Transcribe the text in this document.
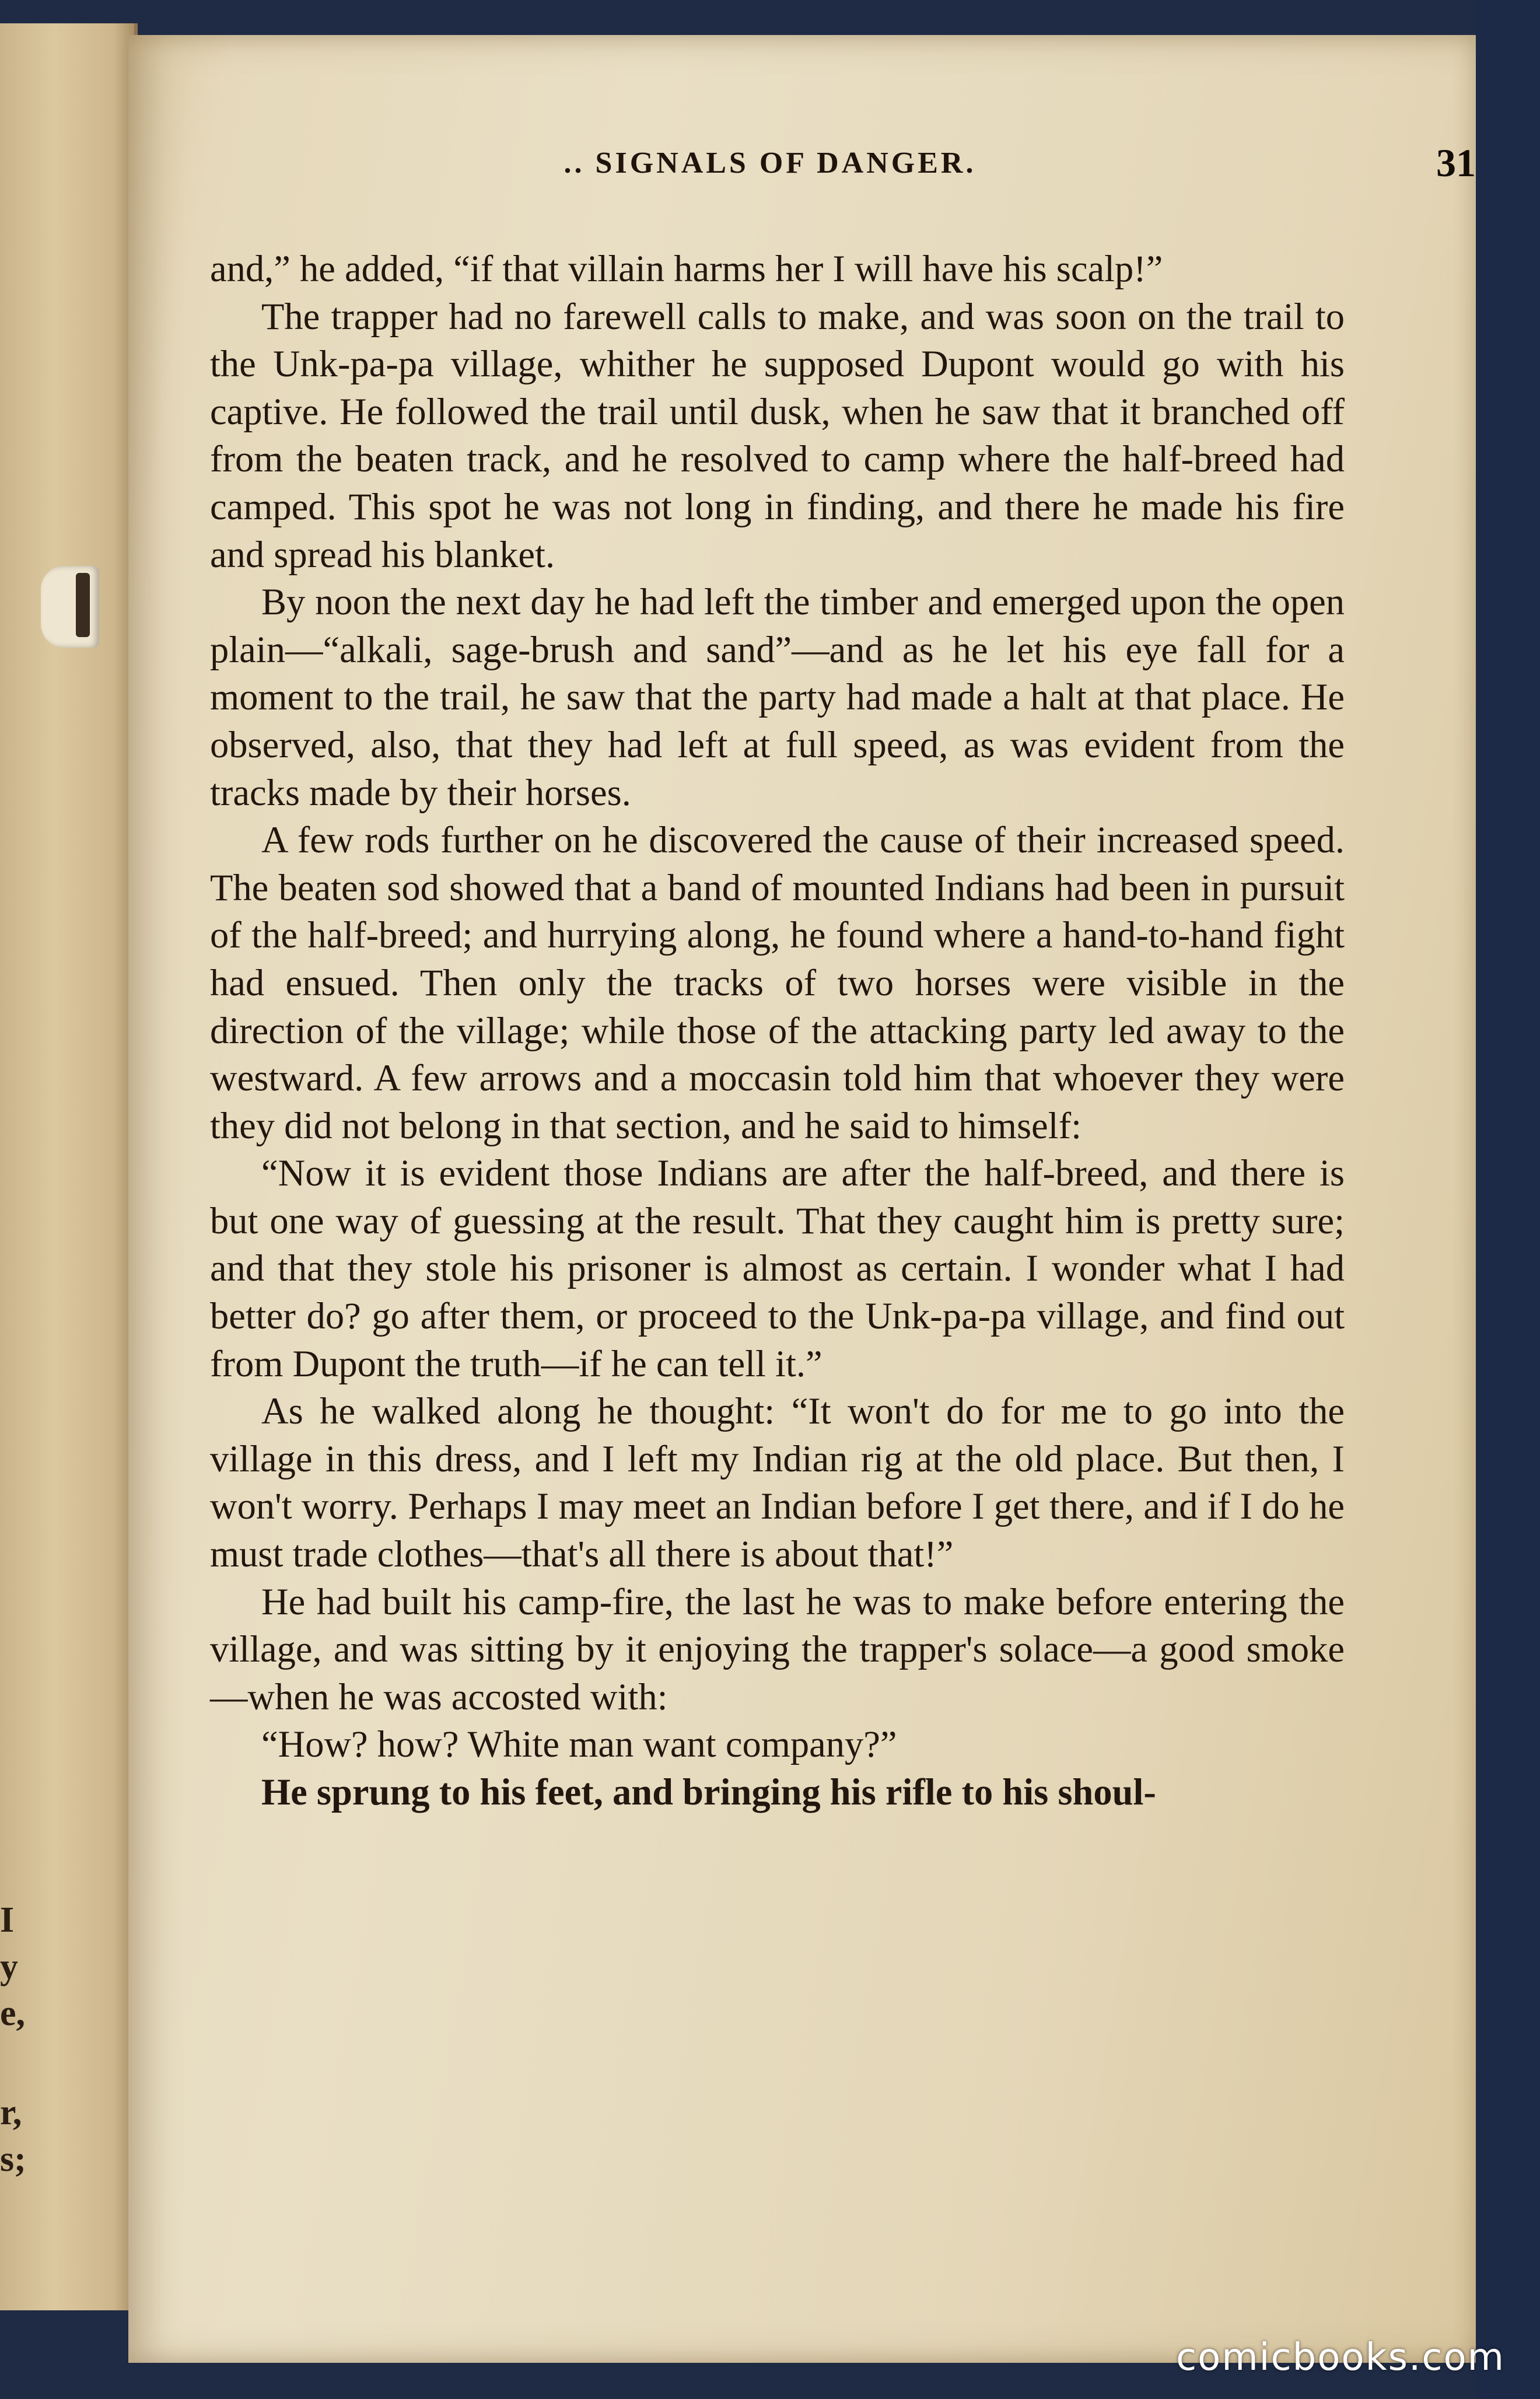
I
y
e,
r,
s;
.. SIGNALS OF DANGER.	31

and,” he added, “if that villain harms her I will have his scalp!”

The trapper had no farewell calls to make, and was soon on the trail to the Unk-pa-pa village, whither he supposed Dupont would go with his captive. He followed the trail until dusk, when he saw that it branched off from the beaten track, and he resolved to camp where the half-breed had camped. This spot he was not long in finding, and there he made his fire and spread his blanket.

By noon the next day he had left the timber and emerged upon the open plain—“alkali, sage-brush and sand”—and as he let his eye fall for a moment to the trail, he saw that the party had made a halt at that place. He observed, also, that they had left at full speed, as was evident from the tracks made by their horses.

A few rods further on he discovered the cause of their increased speed. The beaten sod showed that a band of mounted Indians had been in pursuit of the half-breed; and hurrying along, he found where a hand-to-hand fight had ensued. Then only the tracks of two horses were visible in the direction of the village; while those of the attacking party led away to the westward. A few arrows and a moccasin told him that whoever they were they did not belong in that section, and he said to himself:

“Now it is evident those Indians are after the half-breed, and there is but one way of guessing at the result. That they caught him is pretty sure; and that they stole his prisoner is almost as certain. I wonder what I had better do? go after them, or proceed to the Unk-pa-pa village, and find out from Dupont the truth—if he can tell it.”

As he walked along he thought: “It won't do for me to go into the village in this dress, and I left my Indian rig at the old place. But then, I won't worry. Perhaps I may meet an Indian before I get there, and if I do he must trade clothes—that's all there is about that!”

He had built his camp-fire, the last he was to make before entering the village, and was sitting by it enjoying the trapper's solace—a good smoke—when he was accosted with:

“How? how? White man want company?”

He sprung to his feet, and bringing his rifle to his shoul-

comicbooks.com
